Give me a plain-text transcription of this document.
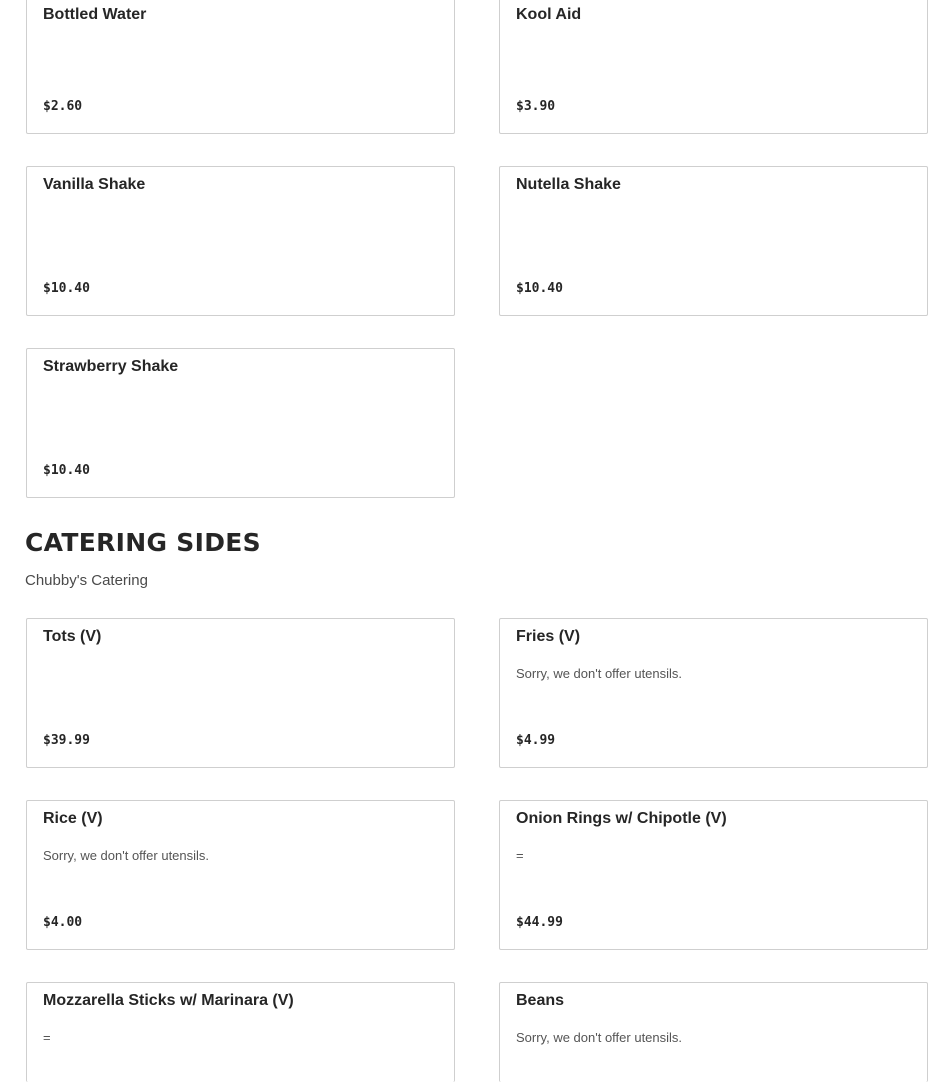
Bottled Water
$2.60
Kool Aid
$3.90
Vanilla Shake
$10.40
Nutella Shake
$10.40
Strawberry Shake
$10.40
CATERING SIDES
Chubby's Catering
Tots (V)
$39.99
Fries (V)
Sorry, we don't offer utensils.
$4.99
Rice (V)
Sorry, we don't offer utensils.
$4.00
Onion Rings w/ Chipotle (V)
=
$44.99
Mozzarella Sticks w/ Marinara (V)
=
Beans
Sorry, we don't offer utensils.
